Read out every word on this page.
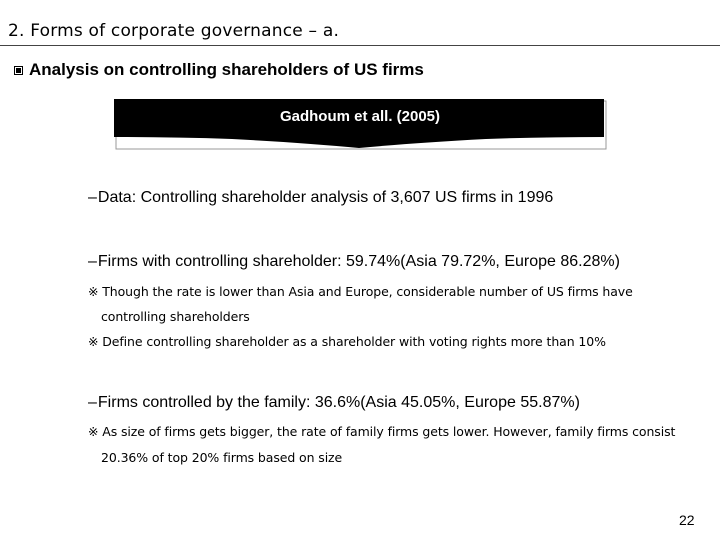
2. Forms of corporate governance – a.
Analysis on controlling shareholders of US firms
Gadhoum et all. (2005)
–Data: Controlling shareholder analysis of 3,607 US firms in 1996
–Firms with controlling shareholder: 59.74%(Asia 79.72%, Europe 86.28%)
※ Though the rate is lower than Asia and Europe, considerable number of US firms have
controlling shareholders
※ Define controlling shareholder as a shareholder with voting rights more than 10%
–Firms controlled by the family: 36.6%(Asia 45.05%, Europe 55.87%)
※ As size of firms gets bigger, the rate of family firms gets lower. However, family firms consist
20.36% of top 20% firms based on size
22
